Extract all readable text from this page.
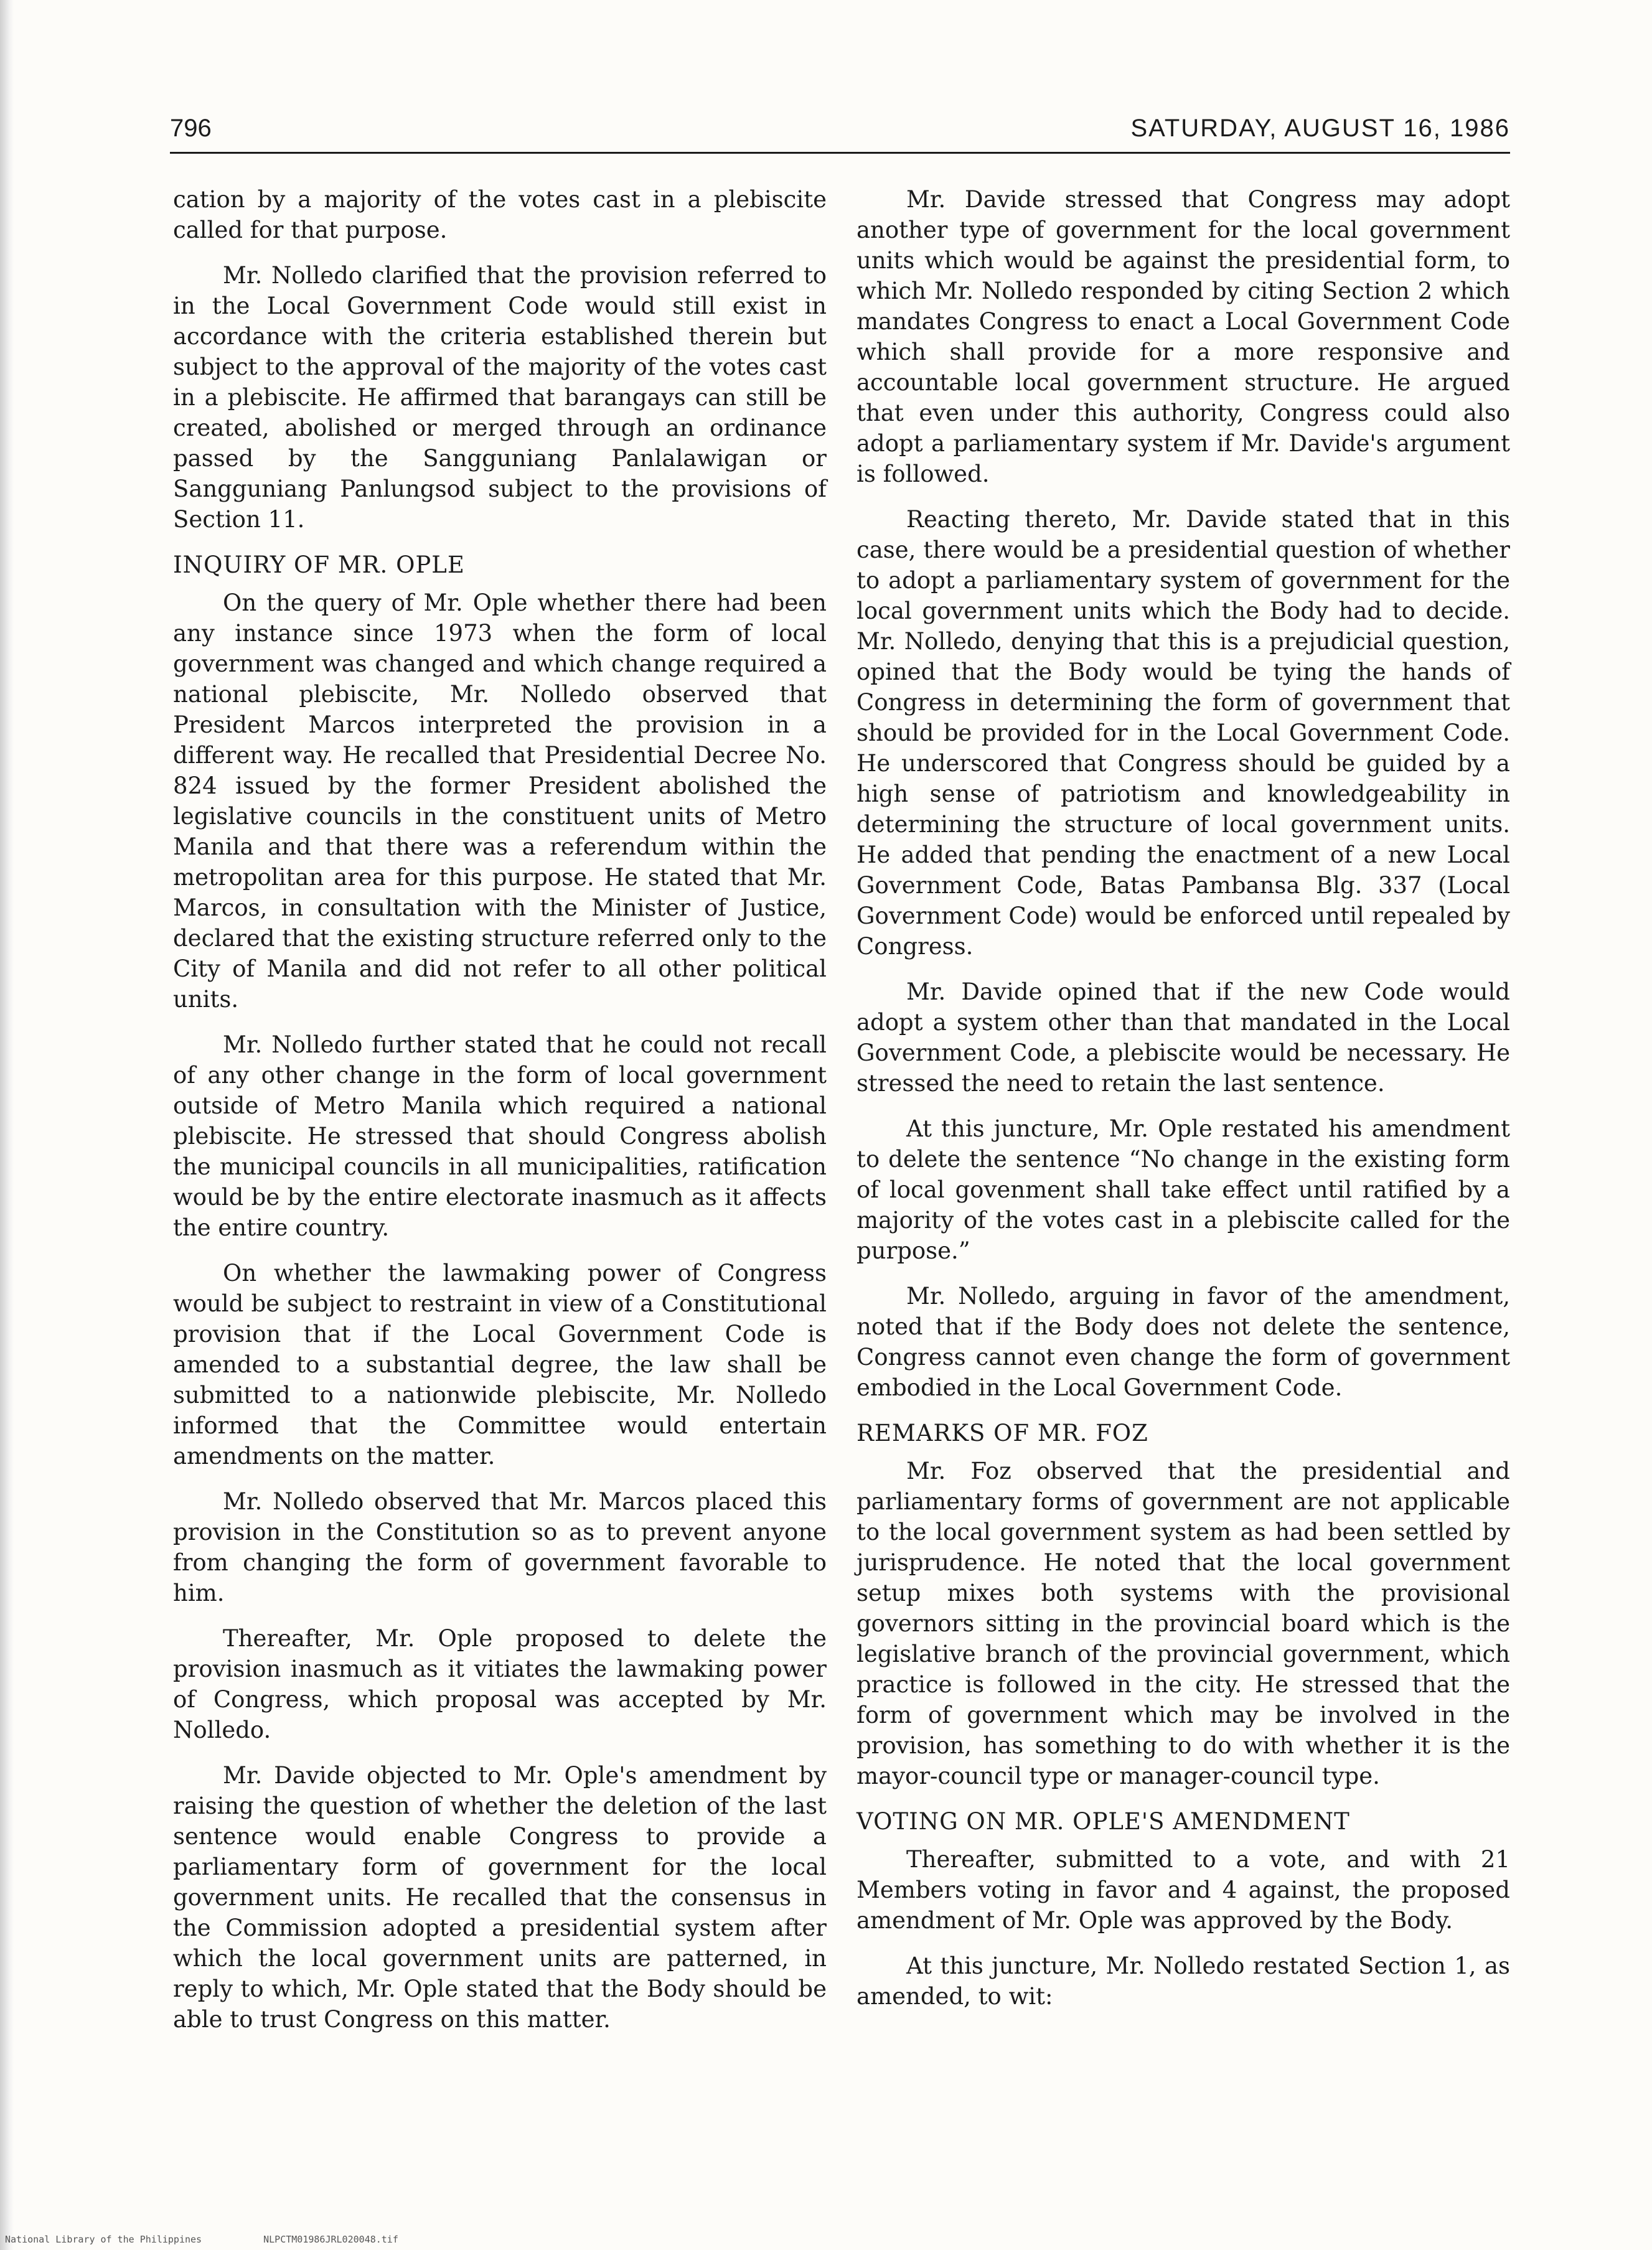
796	SATURDAY, AUGUST 16, 1986

cation by a majority of the votes cast in a plebiscite called for that purpose.

Mr. Nolledo clarified that the provision referred to in the Local Government Code would still exist in accordance with the criteria established therein but subject to the approval of the majority of the votes cast in a plebiscite. He affirmed that barangays can still be created, abolished or merged through an ordinance passed by the Sangguniang Panlalawigan or Sangguniang Panlungsod subject to the provisions of Section 11.

INQUIRY OF MR. OPLE

On the query of Mr. Ople whether there had been any instance since 1973 when the form of local government was changed and which change required a national plebiscite, Mr. Nolledo observed that President Marcos interpreted the provision in a different way. He recalled that Presidential Decree No. 824 issued by the former President abolished the legislative councils in the constituent units of Metro Manila and that there was a referendum within the metropolitan area for this purpose. He stated that Mr. Marcos, in consultation with the Minister of Justice, declared that the existing structure referred only to the City of Manila and did not refer to all other political units.

Mr. Nolledo further stated that he could not recall of any other change in the form of local government outside of Metro Manila which required a national plebiscite. He stressed that should Congress abolish the municipal councils in all municipalities, ratification would be by the entire electorate inasmuch as it affects the entire country.

On whether the lawmaking power of Congress would be subject to restraint in view of a Constitutional provision that if the Local Government Code is amended to a substantial degree, the law shall be submitted to a nationwide plebiscite, Mr. Nolledo informed that the Committee would entertain amendments on the matter.

Mr. Nolledo observed that Mr. Marcos placed this provision in the Constitution so as to prevent anyone from changing the form of government favorable to him.

Thereafter, Mr. Ople proposed to delete the provision inasmuch as it vitiates the lawmaking power of Congress, which proposal was accepted by Mr. Nolledo.

Mr. Davide objected to Mr. Ople's amendment by raising the question of whether the deletion of the last sentence would enable Congress to provide a parliamentary form of government for the local government units. He recalled that the consensus in the Commission adopted a presidential system after which the local government units are patterned, in reply to which, Mr. Ople stated that the Body should be able to trust Congress on this matter.

Mr. Davide stressed that Congress may adopt another type of government for the local government units which would be against the presidential form, to which Mr. Nolledo responded by citing Section 2 which mandates Congress to enact a Local Government Code which shall provide for a more responsive and accountable local government structure. He argued that even under this authority, Congress could also adopt a parliamentary system if Mr. Davide's argument is followed.

Reacting thereto, Mr. Davide stated that in this case, there would be a presidential question of whether to adopt a parliamentary system of government for the local government units which the Body had to decide. Mr. Nolledo, denying that this is a prejudicial question, opined that the Body would be tying the hands of Congress in determining the form of government that should be provided for in the Local Government Code. He underscored that Congress should be guided by a high sense of patriotism and knowledgeability in determining the structure of local government units. He added that pending the enactment of a new Local Government Code, Batas Pambansa Blg. 337 (Local Government Code) would be enforced until repealed by Congress.

Mr. Davide opined that if the new Code would adopt a system other than that mandated in the Local Government Code, a plebiscite would be necessary. He stressed the need to retain the last sentence.

At this juncture, Mr. Ople restated his amendment to delete the sentence “No change in the existing form of local govenment shall take effect until ratified by a majority of the votes cast in a plebiscite called for the purpose.”

Mr. Nolledo, arguing in favor of the amendment, noted that if the Body does not delete the sentence, Congress cannot even change the form of government embodied in the Local Government Code.

REMARKS OF MR. FOZ

Mr. Foz observed that the presidential and parliamentary forms of government are not applicable to the local government system as had been settled by jurisprudence. He noted that the local government setup mixes both systems with the provisional governors sitting in the provincial board which is the legislative branch of the provincial government, which practice is followed in the city. He stressed that the form of government which may be involved in the provision, has something to do with whether it is the mayor-council type or manager-council type.

VOTING ON MR. OPLE'S AMENDMENT

Thereafter, submitted to a vote, and with 21 Members voting in favor and 4 against, the proposed amendment of Mr. Ople was approved by the Body.

At this juncture, Mr. Nolledo restated Section 1, as amended, to wit:

National Library of the Philippines	NLPCTM01986JRL020048.tif
